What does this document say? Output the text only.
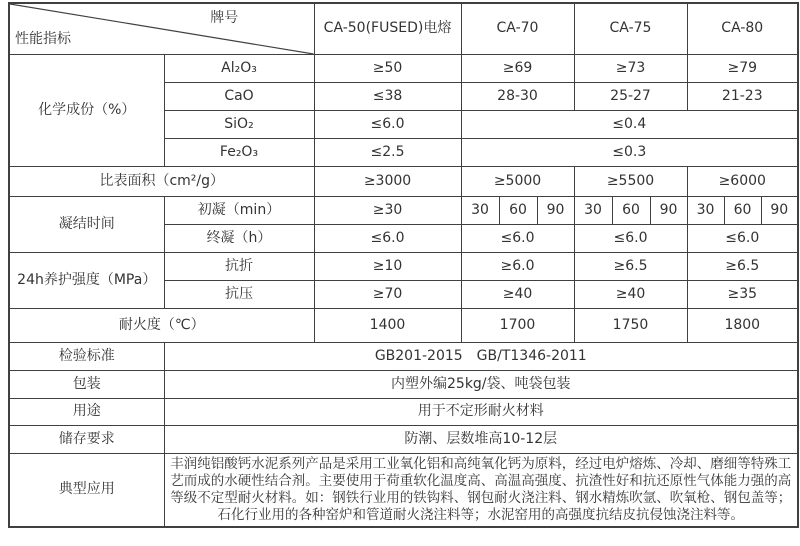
牌号
性能指标		CA-50(FUSED)电熔	CA-70			CA-75			CA-80		
化学成份（%）	Al₂O₃	≥50	≥69			≥73			≥79		
	CaO	≤38	28-30			25-27			21-23		
	SiO₂	≤6.0	≤0.4								
	Fe₂O₃	≤2.5	≤0.3								
比表面积（cm²/g）		≥3000	≥5000			≥5500			≥6000		
凝结时间	初凝（min）	≥30	30	60	90	30	60	90	30	60	90
	终凝（h）	≤6.0	≤6.0			≤6.0			≤6.0		
24h养护强度（MPa）	抗折	≥10	≥6.0			≥6.5			≥6.5		
	抗压	≥70	≥40			≥40			≥35		
耐火度（℃）		1400	1700			1750			1800		
检验标准	GB201-2015　GB/T1346-2011										
包装	内塑外编25kg/袋、吨袋包装										
用途	用于不定形耐火材料										
储存要求	防潮、层数堆高10-12层										
典型应用	丰润纯铝酸钙水泥系列产品是采用工业氧化铝和高纯氧化钙为原料，经过电炉熔炼、冷却、磨细等特殊工艺而成的水硬性结合剂。主要使用于荷重软化温度高、高温高强度、抗渣性好和抗还原性气体能力强的高等级不定型耐火材料。如：钢铁行业用的铁钩料、钢包耐火浇注料、钢水精炼吹氩、吹氧枪、钢包盖等；石化行业用的各种窑炉和管道耐火浇注料等；水泥窑用的高强度抗结皮抗侵蚀浇注料等。										
